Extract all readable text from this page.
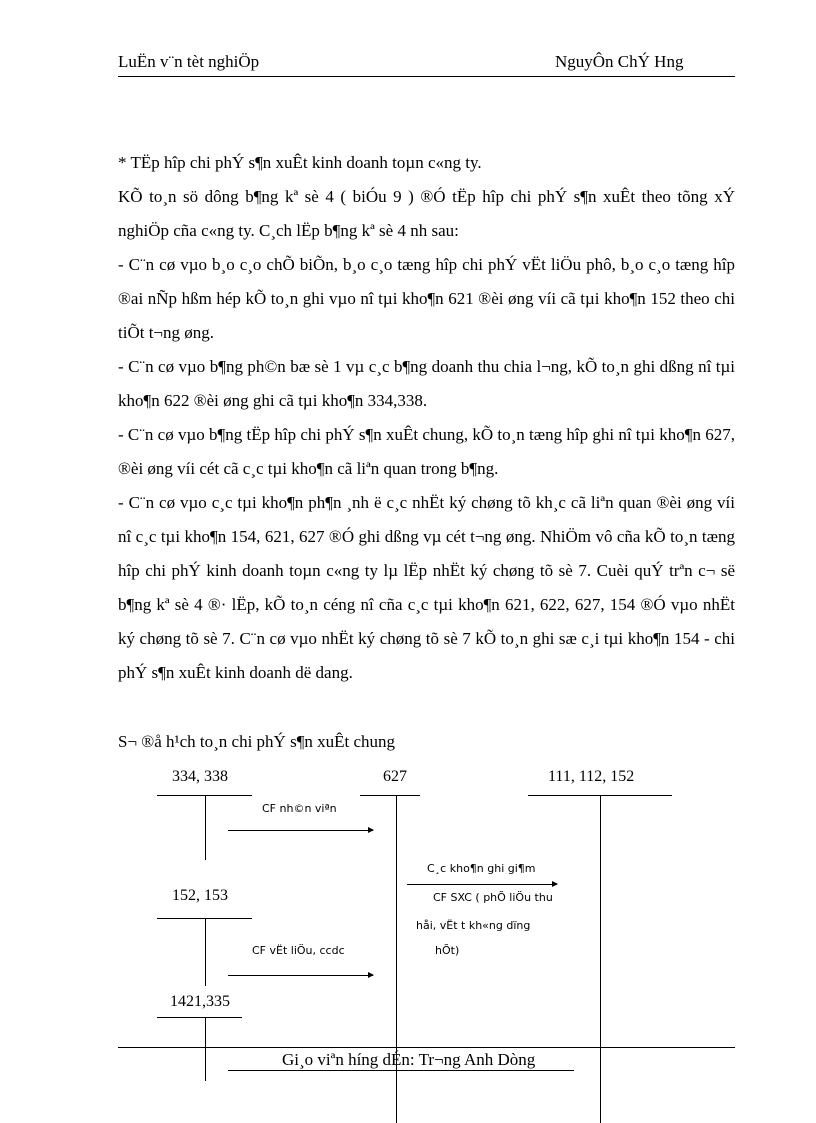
LuËn v¨n tèt nghiÖp	NguyÔn ChÝ Hng

* TËp hîp chi phÝ s¶n xuÊt kinh doanh toµn c«ng ty.

KÕ to¸n sö dông b¶ng kª sè 4 ( biÓu 9 ) ®Ó tËp hîp chi phÝ s¶n xuÊt theo tõng xÝ nghiÖp cña c«ng ty. C¸ch lËp b¶ng kª sè 4 nh sau:

- C¨n cø vµo b¸o c¸o chÕ biÕn, b¸o c¸o tæng hîp chi phÝ vËt liÖu phô, b¸o c¸o tæng hîp ®ai nÑp hßm hép kÕ to¸n ghi vµo nî tµi kho¶n 621 ®èi øng víi cã tµi kho¶n 152 theo chi tiÕt t¬ng øng.

- C¨n cø vµo b¶ng ph©n bæ sè 1 vµ c¸c b¶ng doanh thu chia l¬ng, kÕ to¸n ghi dßng nî tµi kho¶n 622 ®èi øng ghi cã tµi kho¶n 334,338.

- C¨n cø vµo b¶ng tËp hîp chi phÝ s¶n xuÊt chung, kÕ to¸n tæng hîp ghi nî tµi kho¶n 627, ®èi øng víi cét cã c¸c tµi kho¶n cã liªn quan trong b¶ng.

- C¨n cø vµo c¸c tµi kho¶n ph¶n ¸nh ë c¸c nhËt ký chøng tõ kh¸c cã liªn quan ®èi øng víi nî c¸c tµi kho¶n 154, 621, 627 ®Ó ghi dßng vµ cét t¬ng øng. NhiÖm vô cña kÕ to¸n tæng hîp chi phÝ kinh doanh toµn c«ng ty lµ lËp nhËt ký chøng tõ sè 7. Cuèi quÝ trªn c¬ së b¶ng kª sè 4 ®· lËp, kÕ to¸n céng nî cña c¸c tµi kho¶n 621, 622, 627, 154 ®Ó vµo nhËt ký chøng tõ sè 7. C¨n cø vµo nhËt ký chøng tõ sè 7 kÕ to¸n ghi sæ c¸i tµi kho¶n 154 - chi phÝ s¶n xuÊt kinh doanh dë dang.

S¬ ®å h¹ch to¸n chi phÝ s¶n xuÊt chung
334, 338	627	111, 112, 152
152, 153
1421,335
CF nh©n viªn
C¸c kho¶n ghi gi¶m
CF SXC ( phÕ liÖu thu
håi, vËt t kh«ng dïng
hÕt)
CF vËt liÖu, ccdc
Gi¸o viªn híng dÉn: Tr¬ng Anh Dòng
